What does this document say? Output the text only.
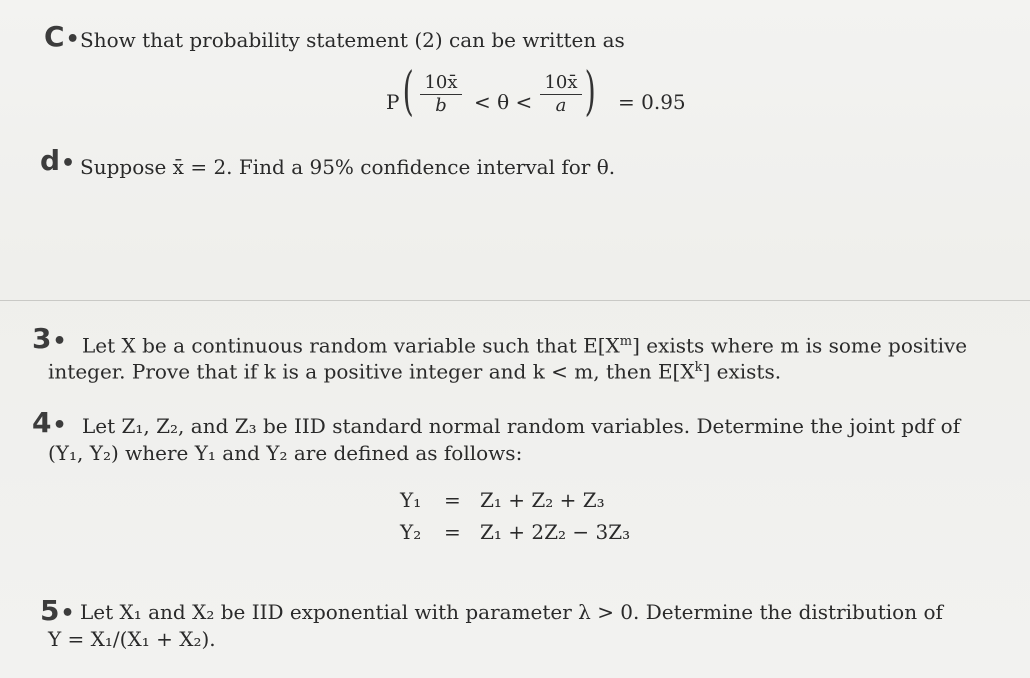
C• Show that probability statement (2) can be written as
P ( $\frac{10x̄}{b} < \theta < \frac{10x̄}{a}$ ) = 0.95
d• Suppose x̄ = 2. Find a 95% confidence interval for θ.
3• Let X be a continuous random variable such that $E[X^m]$ exists where m is some positive
integer. Prove that if k is a positive integer and k < m, then $E[X^k]$ exists.
4• Let Z₁, Z₂, and Z₃ be IID standard normal random variables. Determine the joint pdf of
(Y₁, Y₂) where Y₁ and Y₂ are defined as follows:
Y₁ = Z₁ + Z₂ + Z₃
Y₂ = Z₁ + 2Z₂ − 3Z₃
5• Let X₁ and X₂ be IID exponential with parameter λ > 0. Determine the distribution of
Y = X₁/(X₁ + X₂).
